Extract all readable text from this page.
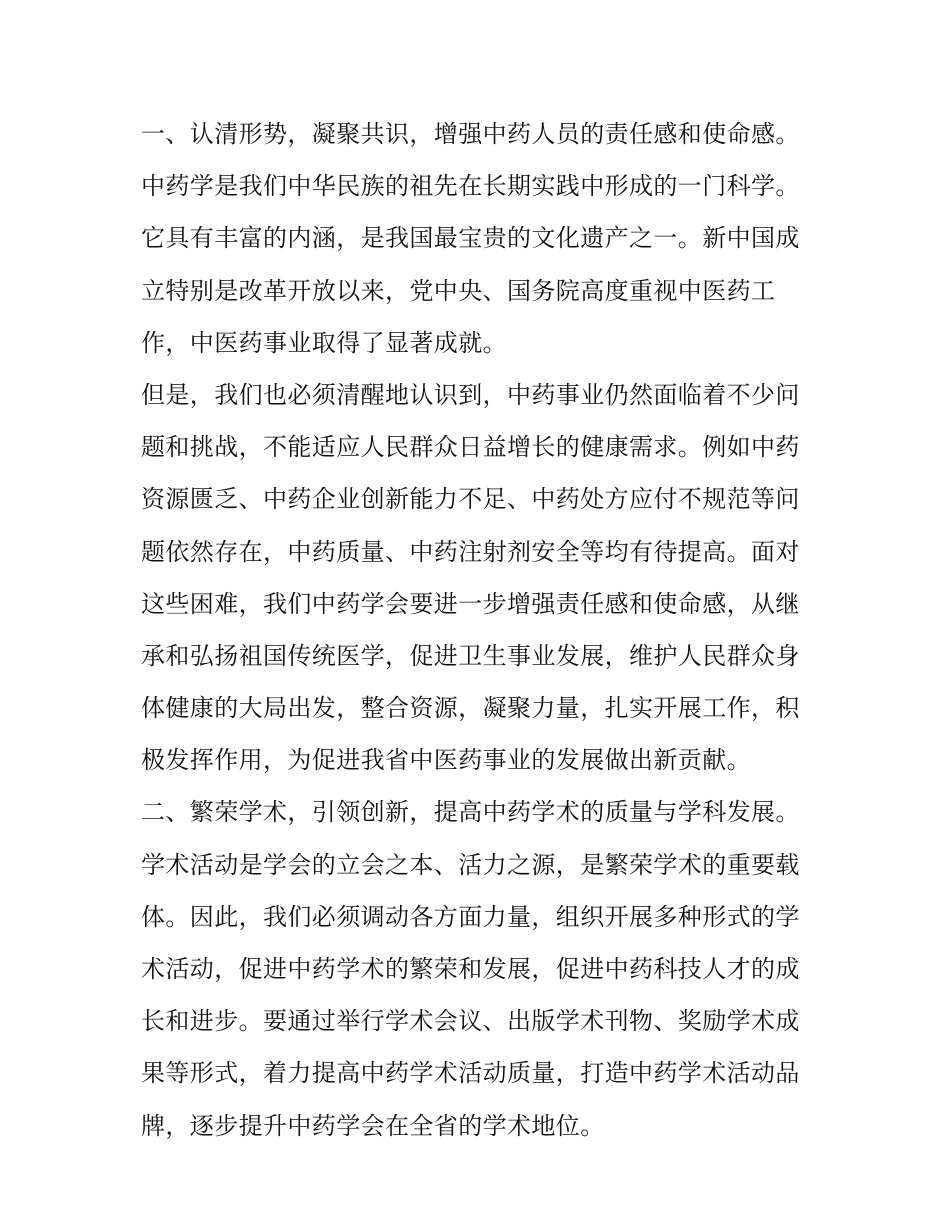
一、认清形势，凝聚共识，增强中药人员的责任感和使命感。
中药学是我们中华民族的祖先在长期实践中形成的一门科学。
它具有丰富的内涵，是我国最宝贵的文化遗产之一。新中国成
立特别是改革开放以来，党中央、国务院高度重视中医药工
作，中医药事业取得了显著成就。
但是，我们也必须清醒地认识到，中药事业仍然面临着不少问
题和挑战，不能适应人民群众日益增长的健康需求。例如中药
资源匮乏、中药企业创新能力不足、中药处方应付不规范等问
题依然存在，中药质量、中药注射剂安全等均有待提高。面对
这些困难，我们中药学会要进一步增强责任感和使命感，从继
承和弘扬祖国传统医学，促进卫生事业发展，维护人民群众身
体健康的大局出发，整合资源，凝聚力量，扎实开展工作，积
极发挥作用，为促进我省中医药事业的发展做出新贡献。
二、繁荣学术，引领创新，提高中药学术的质量与学科发展。
学术活动是学会的立会之本、活力之源，是繁荣学术的重要载
体。因此，我们必须调动各方面力量，组织开展多种形式的学
术活动，促进中药学术的繁荣和发展，促进中药科技人才的成
长和进步。要通过举行学术会议、出版学术刊物、奖励学术成
果等形式，着力提高中药学术活动质量，打造中药学术活动品
牌，逐步提升中药学会在全省的学术地位。
